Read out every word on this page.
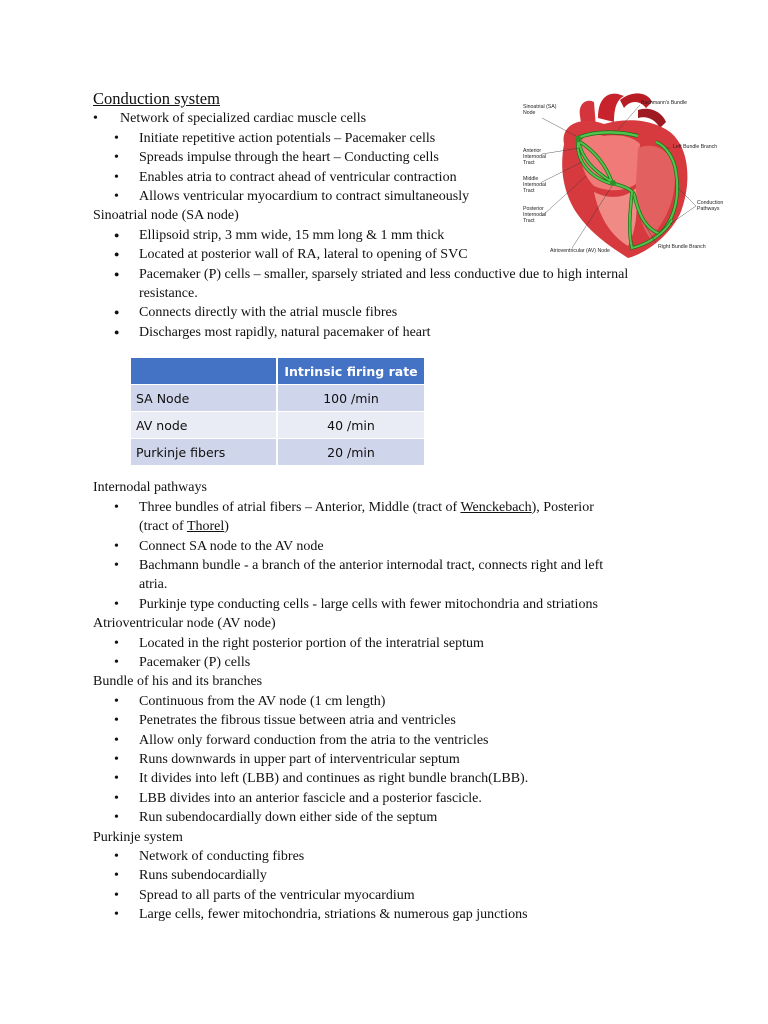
Conduction system
• Network of specialized cardiac muscle cells
• Initiate repetitive action potentials – Pacemaker cells
• Spreads impulse through the heart – Conducting cells
• Enables atria to contract ahead of ventricular contraction
• Allows ventricular myocardium to contract simultaneously
Sinoatrial node (SA node)
● Ellipsoid strip, 3 mm wide, 15 mm long & 1 mm thick
● Located at posterior wall of RA, lateral to opening of SVC
● Pacemaker (P) cells – smaller, sparsely striated and less conductive due to high internal resistance.
● Connects directly with the atrial muscle fibres
● Discharges most rapidly, natural pacemaker of heart
Internodal pathways
• Three bundles of atrial fibers – Anterior, Middle (tract of Wenckebach), Posterior
(tract of Thorel)
• Connect SA node to the AV node
• Bachmann bundle - a branch of the anterior internodal tract, connects right and left atria.
• Purkinje type conducting cells - large cells with fewer mitochondria and striations
Atrioventricular node (AV node)
• Located in the right posterior portion of the interatrial septum
• Pacemaker (P) cells
Bundle of his and its branches
• Continuous from the AV node (1 cm length)
• Penetrates the fibrous tissue between atria and ventricles
• Allow only forward conduction from the atria to the ventricles
• Runs downwards in upper part of interventricular septum
• It divides into left (LBB) and continues as right bundle branch(LBB).
• LBB divides into an anterior fascicle and a posterior fascicle.
• Run subendocardially down either side of the septum
Purkinje system
• Network of conducting fibres
• Runs subendocardially
• Spread to all parts of the ventricular myocardium
• Large cells, fewer mitochondria, striations & numerous gap junctions
	Intrinsic firing rate
SA Node	100 /min
AV node	40 /min
Purkinje fibers	20 /min
Sinoatrial (SA)
Node
Bachmann's Bundle
Anterior
Internodal
Tract
Left Bundle Branch
Middle
Internodal
Tract
Posterior
Internodal
Tract
Conduction
Pathways
Atrioventricular (AV) Node
Right Bundle Branch
